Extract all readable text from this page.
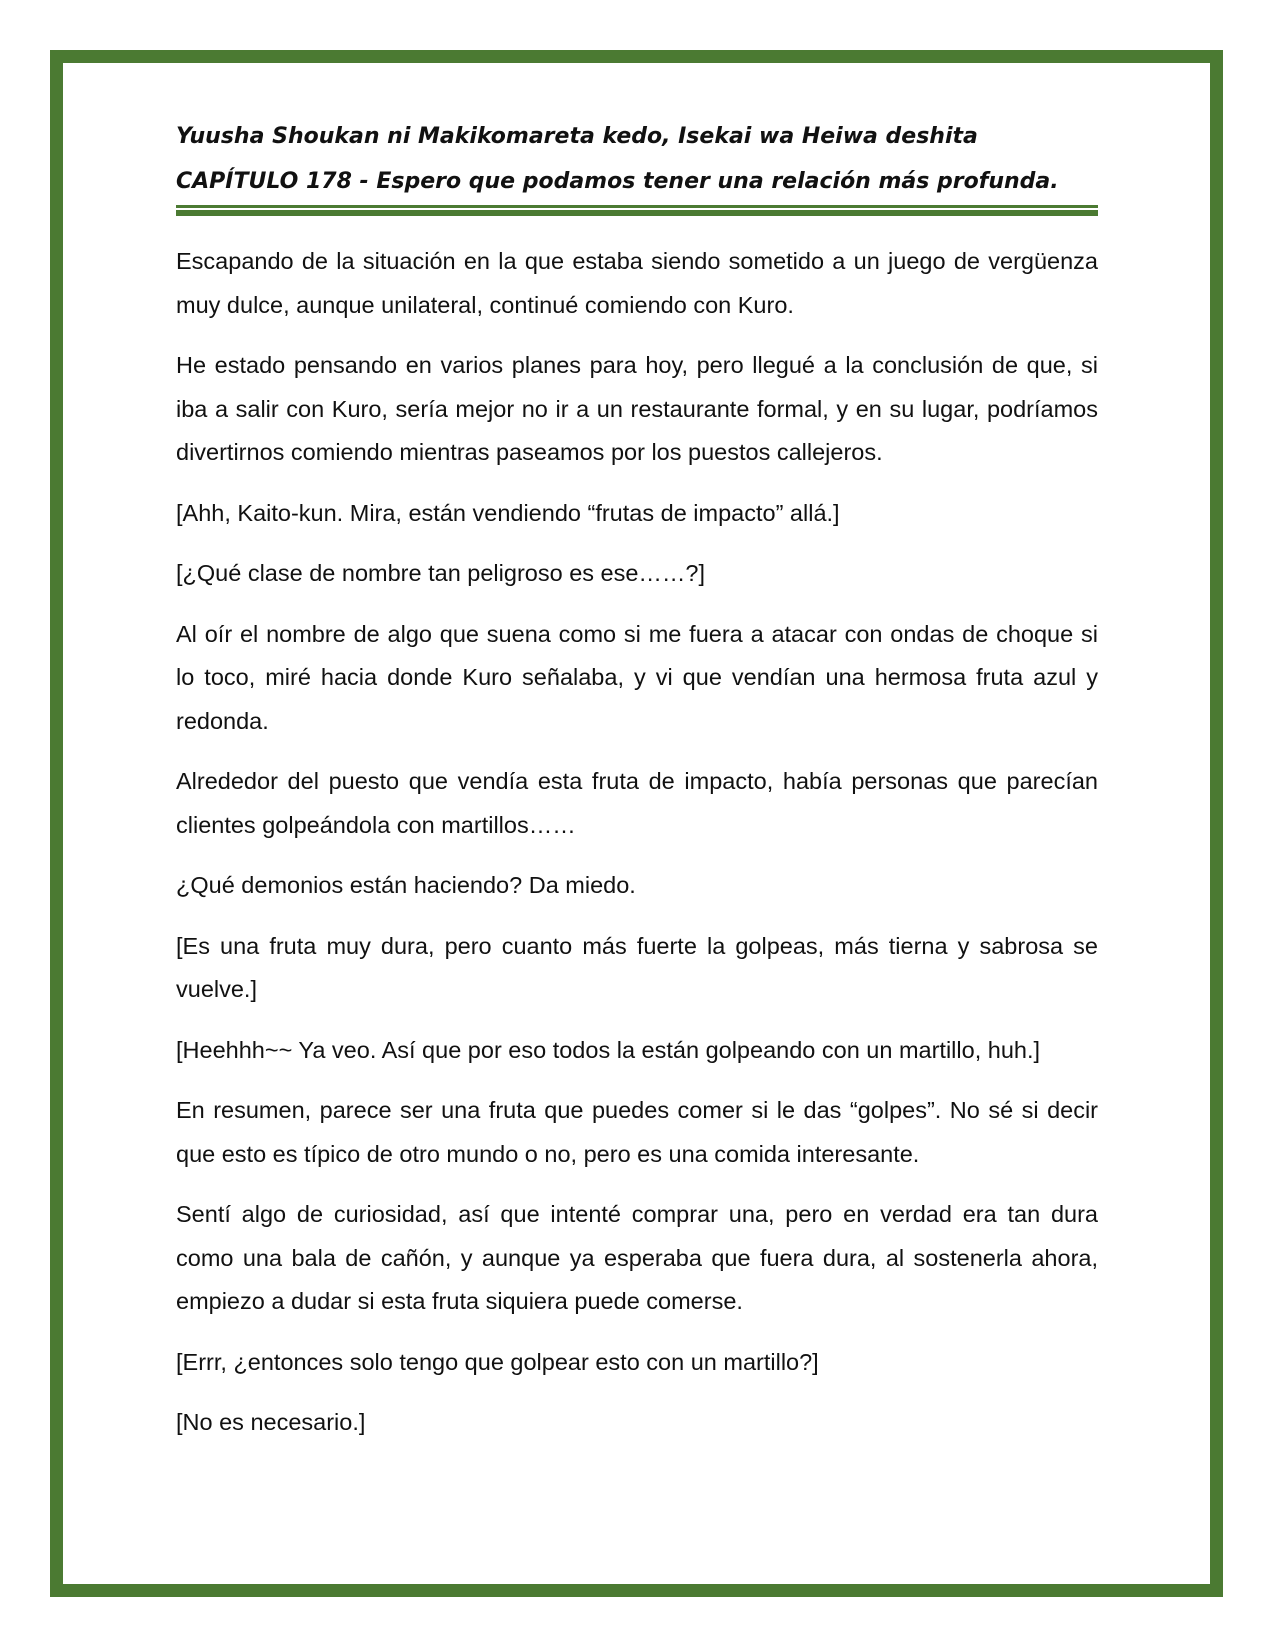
Yuusha Shoukan ni Makikomareta kedo, Isekai wa Heiwa deshita
CAPÍTULO 178 - Espero que podamos tener una relación más profunda.

Escapando de la situación en la que estaba siendo sometido a un juego de vergüenza muy dulce, aunque unilateral, continué comiendo con Kuro.

He estado pensando en varios planes para hoy, pero llegué a la conclusión de que, si iba a salir con Kuro, sería mejor no ir a un restaurante formal, y en su lugar, podríamos divertirnos comiendo mientras paseamos por los puestos callejeros.

[Ahh, Kaito-kun. Mira, están vendiendo “frutas de impacto” allá.]

[¿Qué clase de nombre tan peligroso es ese……?]

Al oír el nombre de algo que suena como si me fuera a atacar con ondas de choque si lo toco, miré hacia donde Kuro señalaba, y vi que vendían una hermosa fruta azul y redonda.

Alrededor del puesto que vendía esta fruta de impacto, había personas que parecían clientes golpeándola con martillos……

¿Qué demonios están haciendo? Da miedo.

[Es una fruta muy dura, pero cuanto más fuerte la golpeas, más tierna y sabrosa se vuelve.]

[Heehhh~~ Ya veo. Así que por eso todos la están golpeando con un martillo, huh.]

En resumen, parece ser una fruta que puedes comer si le das “golpes”. No sé si decir que esto es típico de otro mundo o no, pero es una comida interesante.

Sentí algo de curiosidad, así que intenté comprar una, pero en verdad era tan dura como una bala de cañón, y aunque ya esperaba que fuera dura, al sostenerla ahora, empiezo a dudar si esta fruta siquiera puede comerse.

[Errr, ¿entonces solo tengo que golpear esto con un martillo?]

[No es necesario.]
